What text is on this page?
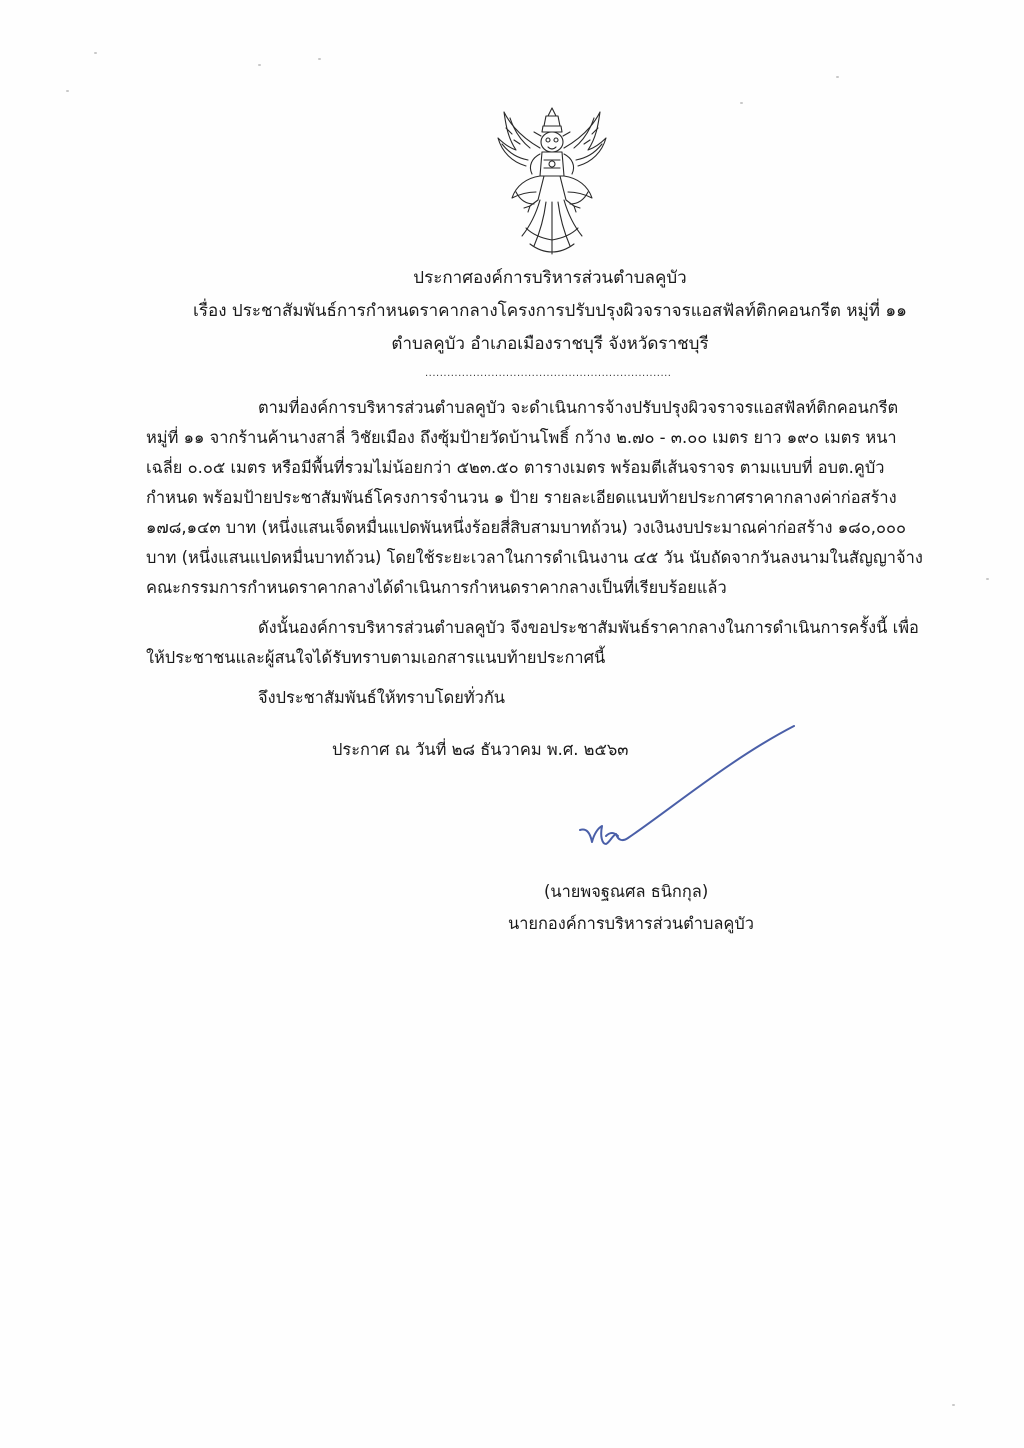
ประกาศองค์การบริหารส่วนตำบลคูบัว
เรื่อง ประชาสัมพันธ์การกำหนดราคากลางโครงการปรับปรุงผิวจราจรแอสฟัลท์ติกคอนกรีต หมู่ที่ ๑๑
ตำบลคูบัว อำเภอเมืองราชบุรี จังหวัดราชบุรี
...................................................................
ตามที่องค์การบริหารส่วนตำบลคูบัว จะดำเนินการจ้างปรับปรุงผิวจราจรแอสฟัลท์ติกคอนกรีต
หมู่ที่ ๑๑ จากร้านค้านางสาลี่ วิชัยเมือง ถึงซุ้มป้ายวัดบ้านโพธิ์ กว้าง ๒.๗๐ - ๓.๐๐ เมตร ยาว ๑๙๐ เมตร หนา
เฉลี่ย ๐.๐๕ เมตร หรือมีพื้นที่รวมไม่น้อยกว่า ๕๒๓.๕๐ ตารางเมตร พร้อมตีเส้นจราจร ตามแบบที่ อบต.คูบัว
กำหนด พร้อมป้ายประชาสัมพันธ์โครงการจำนวน ๑ ป้าย รายละเอียดแนบท้ายประกาศราคากลางค่าก่อสร้าง
๑๗๘,๑๔๓ บาท (หนึ่งแสนเจ็ดหมื่นแปดพันหนึ่งร้อยสี่สิบสามบาทถ้วน) วงเงินงบประมาณค่าก่อสร้าง ๑๘๐,๐๐๐
บาท (หนึ่งแสนแปดหมื่นบาทถ้วน) โดยใช้ระยะเวลาในการดำเนินงาน ๔๕ วัน นับถัดจากวันลงนามในสัญญาจ้าง
คณะกรรมการกำหนดราคากลางได้ดำเนินการกำหนดราคากลางเป็นที่เรียบร้อยแล้ว
ดังนั้นองค์การบริหารส่วนตำบลคูบัว จึงขอประชาสัมพันธ์ราคากลางในการดำเนินการครั้งนี้ เพื่อ
ให้ประชาชนและผู้สนใจได้รับทราบตามเอกสารแนบท้ายประกาศนี้
จึงประชาสัมพันธ์ให้ทราบโดยทั่วกัน
ประกาศ ณ วันที่ ๒๘ ธันวาคม พ.ศ. ๒๕๖๓
(นายพจฐณศล ธนิกกุล)
นายกองค์การบริหารส่วนตำบลคูบัว
